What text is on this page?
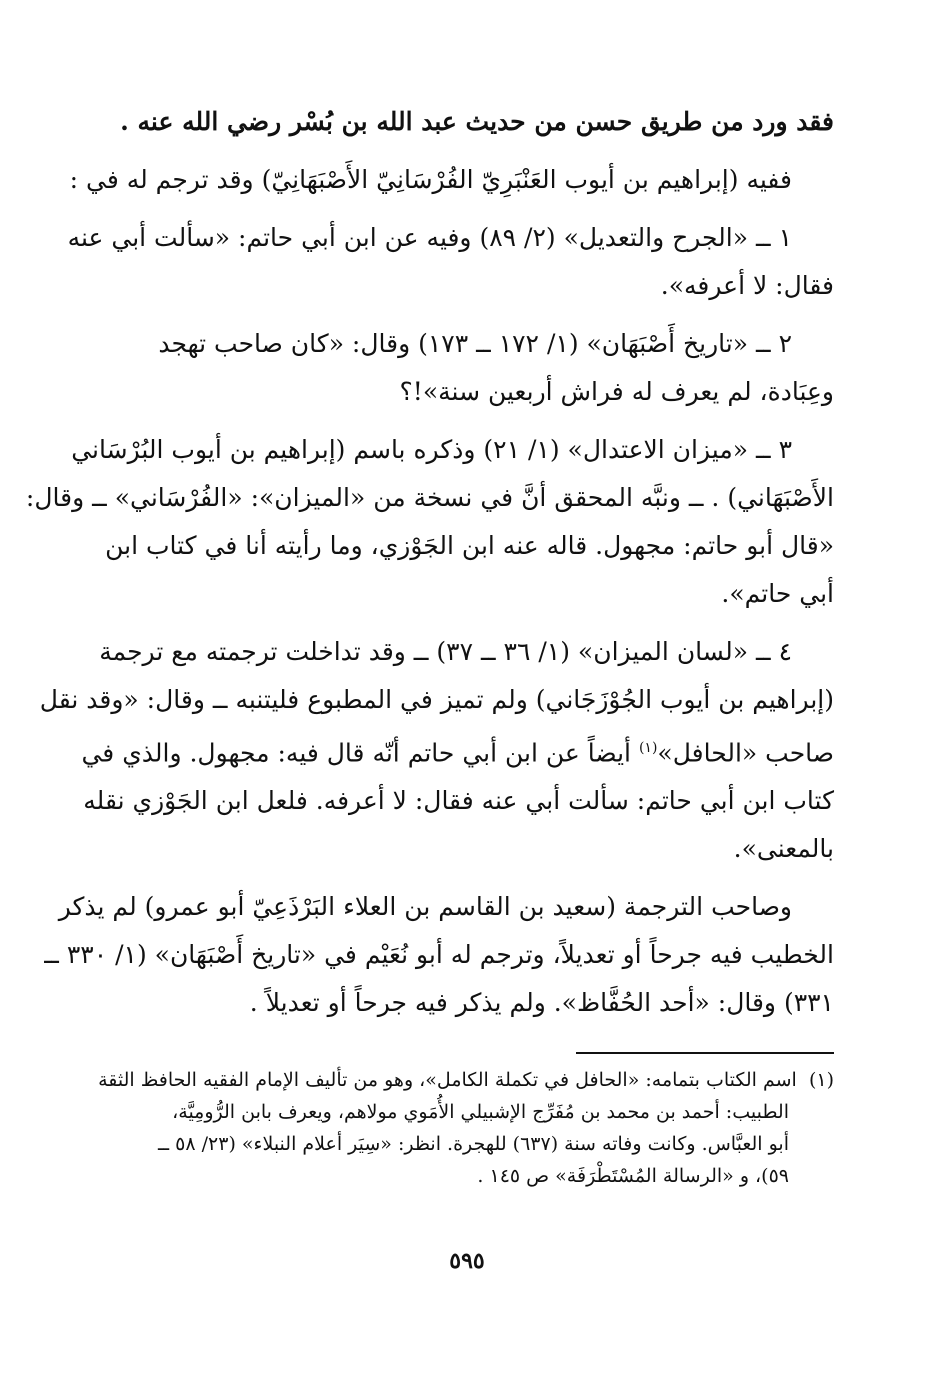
فقد ورد من طريق حسن من حديث عبد الله بن بُسْر رضي الله عنه .
ففيه (إبراهيم بن أيوب العَنْبَرِيّ الفُرْسَانِيّ الأَصْبَهَانِيّ) وقد ترجم له في :
١ ــ «الجرح والتعديل» (٢/ ٨٩) وفيه عن ابن أبي حاتم: «سألت أبي عنه
فقال: لا أعرفه».
٢ ــ «تاريخ أَصْبَهَان» (١/ ١٧٢ ــ ١٧٣) وقال: «كان صاحب تهجد
وعِبَادة، لم يعرف له فراش أربعين سنة»!؟
٣ ــ «ميزان الاعتدال» (١/ ٢١) وذكره باسم (إبراهيم بن أيوب البُرْسَاني
الأَصْبَهَاني) . ــ ونبَّه المحقق أنَّ في نسخة من «الميزان»: «الفُرْسَاني» ــ وقال:
«قال أبو حاتم: مجهول. قاله عنه ابن الجَوْزي، وما رأيته أنا في كتاب ابن
أبي حاتم».
٤ ــ «لسان الميزان» (١/ ٣٦ ــ ٣٧) ــ وقد تداخلت ترجمته مع ترجمة
(إبراهيم بن أيوب الجُوْزَجَاني) ولم تميز في المطبوع فليتنبه ــ وقال: «وقد نقل
صاحب «الحافل»$^{(١)}$ أيضاً عن ابن أبي حاتم أنّه قال فيه: مجهول. والذي في
كتاب ابن أبي حاتم: سألت أبي عنه فقال: لا أعرفه. فلعل ابن الجَوْزي نقله
بالمعنى».
وصاحب الترجمة (سعيد بن القاسم بن العلاء البَرْذَعِيّ أبو عمرو) لم يذكر
الخطيب فيه جرحاً أو تعديلاً، وترجم له أبو نُعَيْم في «تاريخ أَصْبَهَان» (١/ ٣٣٠ ــ
٣٣١) وقال: «أحد الحُفَّاظ». ولم يذكر فيه جرحاً أو تعديلاً .
(١)  اسم الكتاب بتمامه: «الحافل في تكملة الكامل»، وهو من تأليف الإمام الفقيه الحافظ الثقة
الطبيب: أحمد بن محمد بن مُفَرِّج الإشبيلي الأُمَوي مولاهم، ويعرف بابن الرُّومِيَّة،
أبو العبَّاس. وكانت وفاته سنة (٦٣٧) للهجرة. انظر: «سِيَر أعلام النبلاء» (٢٣/ ٥٨ ــ
٥٩)، و «الرسالة المُسْتَطْرَفَة» ص ١٤٥ .
٥٩٥
